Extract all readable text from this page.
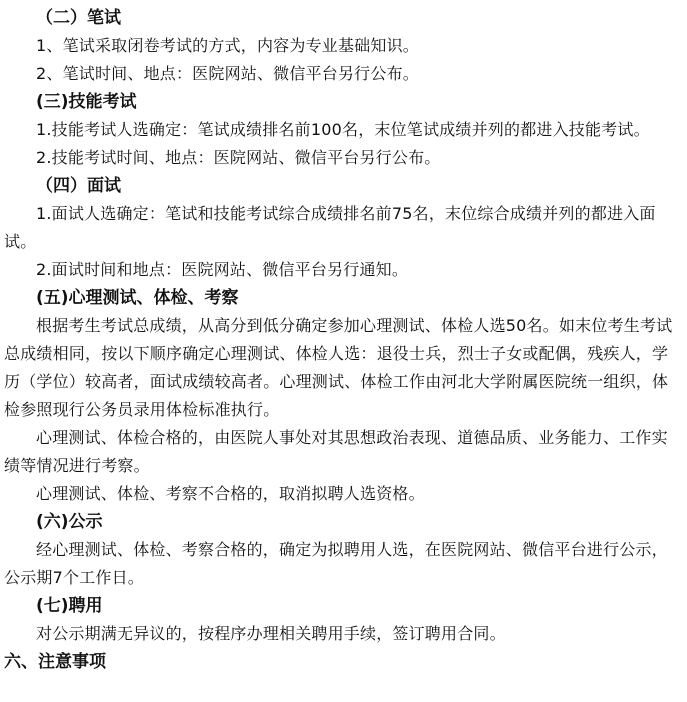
（二）笔试

1、笔试采取闭卷考试的方式，内容为专业基础知识。

2、笔试时间、地点：医院网站、微信平台另行公布。

(三)技能考试

1.技能考试人选确定：笔试成绩排名前100名，末位笔试成绩并列的都进入技能考试。

2.技能考试时间、地点：医院网站、微信平台另行公布。

（四）面试

1.面试人选确定：笔试和技能考试综合成绩排名前75名，末位综合成绩并列的都进入面试。

2.面试时间和地点：医院网站、微信平台另行通知。

(五)心理测试、体检、考察

根据考生考试总成绩，从高分到低分确定参加心理测试、体检人选50名。如末位考生考试总成绩相同，按以下顺序确定心理测试、体检人选：退役士兵，烈士子女或配偶，残疾人，学历（学位）较高者，面试成绩较高者。心理测试、体检工作由河北大学附属医院统一组织，体检参照现行公务员录用体检标准执行。

心理测试、体检合格的，由医院人事处对其思想政治表现、道德品质、业务能力、工作实绩等情况进行考察。

心理测试、体检、考察不合格的，取消拟聘人选资格。

(六)公示

经心理测试、体检、考察合格的，确定为拟聘用人选，在医院网站、微信平台进行公示，公示期7个工作日。

(七)聘用

对公示期满无异议的，按程序办理相关聘用手续，签订聘用合同。

六、注意事项
